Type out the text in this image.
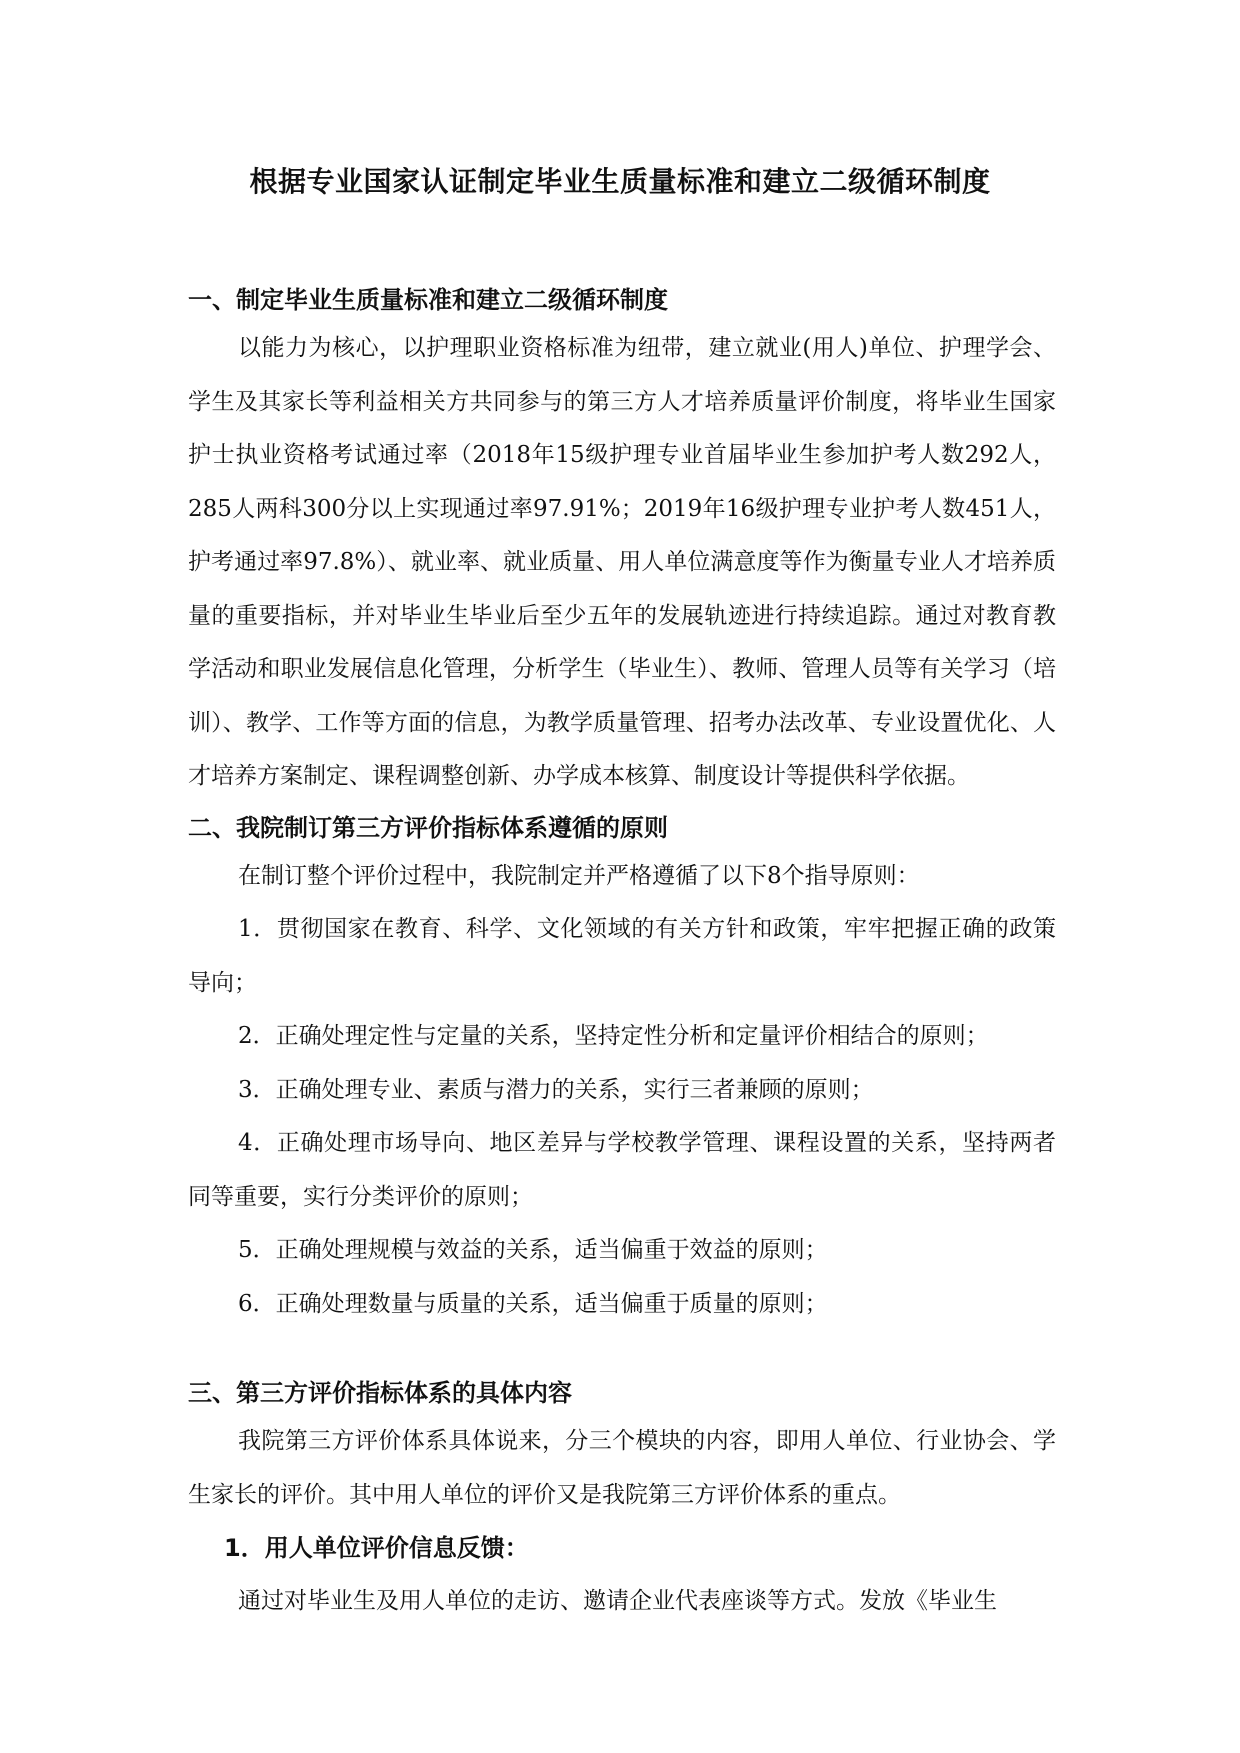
根据专业国家认证制定毕业生质量标准和建立二级循环制度

一、制定毕业生质量标准和建立二级循环制度

以能力为核心，以护理职业资格标准为纽带，建立就业(用人)单位、护理学会、学生及其家长等利益相关方共同参与的第三方人才培养质量评价制度，将毕业生国家护士执业资格考试通过率（2018年15级护理专业首届毕业生参加护考人数292人，285人两科300分以上实现通过率97.91%；2019年16级护理专业护考人数451人，护考通过率97.8%）、就业率、就业质量、用人单位满意度等作为衡量专业人才培养质量的重要指标，并对毕业生毕业后至少五年的发展轨迹进行持续追踪。通过对教育教学活动和职业发展信息化管理，分析学生（毕业生）、教师、管理人员等有关学习（培训）、教学、工作等方面的信息，为教学质量管理、招考办法改革、专业设置优化、人才培养方案制定、课程调整创新、办学成本核算、制度设计等提供科学依据。

二、我院制订第三方评价指标体系遵循的原则

在制订整个评价过程中，我院制定并严格遵循了以下8个指导原则：

1．贯彻国家在教育、科学、文化领域的有关方针和政策，牢牢把握正确的政策导向；

2．正确处理定性与定量的关系，坚持定性分析和定量评价相结合的原则；

3．正确处理专业、素质与潜力的关系，实行三者兼顾的原则；

4．正确处理市场导向、地区差异与学校教学管理、课程设置的关系，坚持两者同等重要，实行分类评价的原则；

5．正确处理规模与效益的关系，适当偏重于效益的原则；

6．正确处理数量与质量的关系，适当偏重于质量的原则；

三、第三方评价指标体系的具体内容

我院第三方评价体系具体说来，分三个模块的内容，即用人单位、行业协会、学生家长的评价。其中用人单位的评价又是我院第三方评价体系的重点。

1．用人单位评价信息反馈：

通过对毕业生及用人单位的走访、邀请企业代表座谈等方式。发放《毕业生
